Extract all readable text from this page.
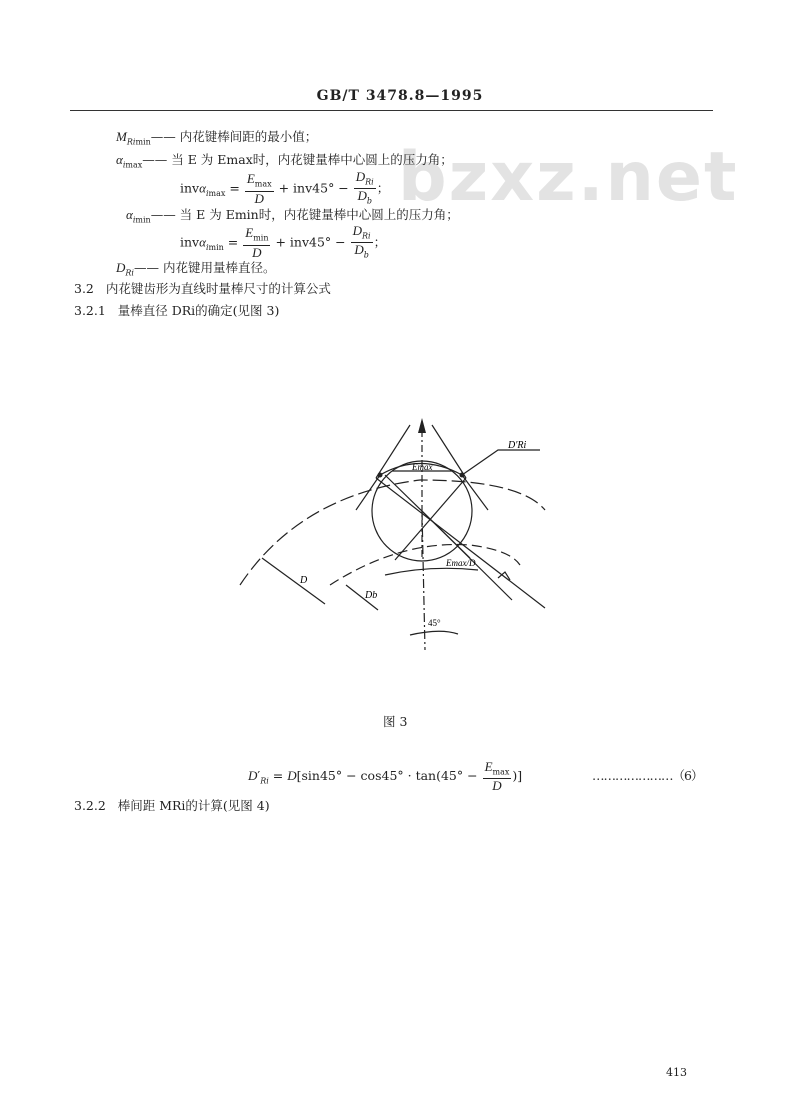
GB/T 3478.8—1995
bzxz.net
$M_{Rimin}——$ 内花键棒间距的最小值；
$\alpha_{imax}——$ 当 E 为 Emax时，内花键量棒中心圆上的压力角；
$inv\alpha_{imax} = \frac{E_{max}}{D} + inv45^\circ - \frac{D_{Ri}}{D_b}$ ；
$\alpha_{imin}——$ 当 E 为 Emin时，内花键量棒中心圆上的压力角；
$inv\alpha_{imin} = \frac{E_{min}}{D} + inv45^\circ - \frac{D_{Ri}}{D_b}$ ；
$D_{Ri}——$ 内花键用量棒直径。
3.2 内花键齿形为直线时量棒尺寸的计算公式
3.2.1 量棒直径 DRi的确定(见图 3)
D′Ri
Emax
Emax/D
D
Db
45°
图 3
$D'_{Ri} = D[\sin 45^\circ - \cos 45^\circ \cdot \tan(45^\circ - \frac{E_{max}}{D}$ )]	…………………（6）
3.2.2 棒间距 MRi的计算(见图 4)
413
